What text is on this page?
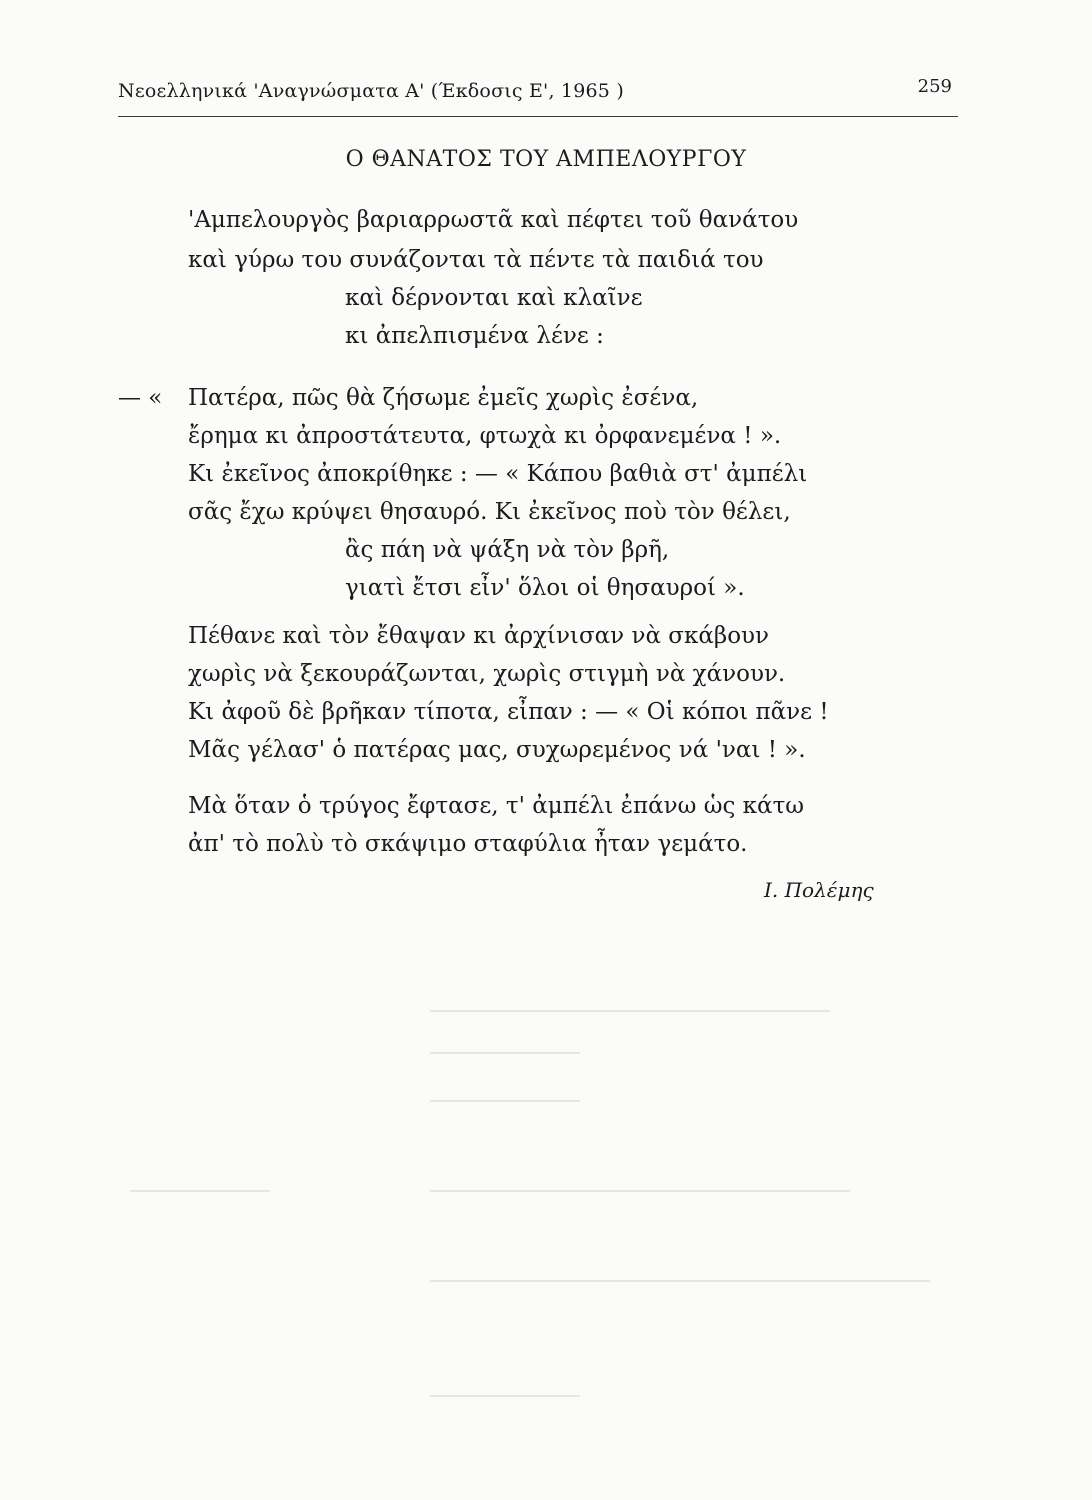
Νεοελληνικά 'Αναγνώσματα Α' (Έκδοσις Ε', 1965 )	259
Ο ΘΑΝΑΤΟΣ ΤΟΥ ΑΜΠΕΛΟΥΡΓΟΥ
'Αμπελουργὸς βαριαρρωστᾶ καὶ πέφτει τοῦ θανάτου
καὶ γύρω του συνάζονται τὰ πέντε τὰ παιδιά του
καὶ δέρνονται καὶ κλαῖνε
κι ἀπελπισμένα λένε :
— « Πατέρα, πῶς θὰ ζήσωμε ἐμεῖς χωρὶς ἐσένα,
ἔρημα κι ἀπροστάτευτα, φτωχὰ κι ὀρφανεμένα ! ».
Κι ἐκεῖνος ἀποκρίθηκε : — « Κάπου βαθιὰ στ' ἀμπέλι
σᾶς ἔχω κρύψει θησαυρό. Κι ἐκεῖνος ποὺ τὸν θέλει,
ἂς πάη νὰ ψάξη νὰ τὸν βρῆ,
γιατὶ ἔτσι εἶν' ὅλοι οἱ θησαυροί ».
Πέθανε καὶ τὸν ἔθαψαν κι ἀρχίνισαν νὰ σκάβουν
χωρὶς νὰ ξεκουράζωνται, χωρὶς στιγμὴ νὰ χάνουν.
Κι ἀφοῦ δὲ βρῆκαν τίποτα, εἶπαν : — « Οἱ κόποι πᾶνε !
Μᾶς γέλασ' ὁ πατέρας μας, συχωρεμένος νά 'ναι ! ».
Μὰ ὅταν ὁ τρύγος ἔφτασε, τ' ἀμπέλι ἐπάνω ὡς κάτω
ἀπ' τὸ πολὺ τὸ σκάψιμο σταφύλια ἦταν γεμάτο.
Ι. Πολέμης
